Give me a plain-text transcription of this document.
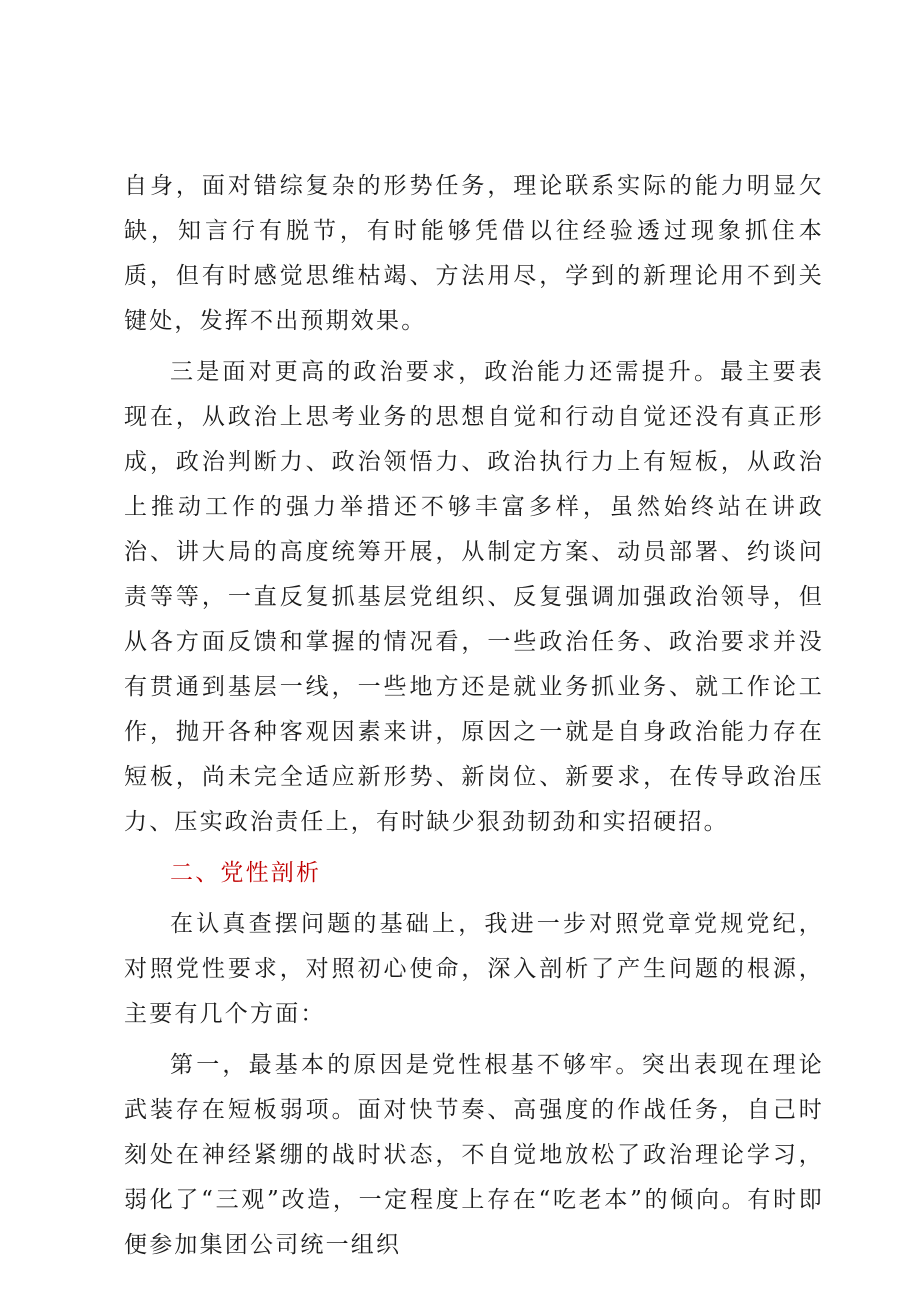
自身，面对错综复杂的形势任务，理论联系实际的能力明显欠缺，知言行有脱节，有时能够凭借以往经验透过现象抓住本质，但有时感觉思维枯竭、方法用尽，学到的新理论用不到关键处，发挥不出预期效果。

三是面对更高的政治要求，政治能力还需提升。最主要表现在，从政治上思考业务的思想自觉和行动自觉还没有真正形成，政治判断力、政治领悟力、政治执行力上有短板，从政治上推动工作的强力举措还不够丰富多样，虽然始终站在讲政治、讲大局的高度统筹开展，从制定方案、动员部署、约谈问责等等，一直反复抓基层党组织、反复强调加强政治领导，但从各方面反馈和掌握的情况看，一些政治任务、政治要求并没有贯通到基层一线，一些地方还是就业务抓业务、就工作论工作，抛开各种客观因素来讲，原因之一就是自身政治能力存在短板，尚未完全适应新形势、新岗位、新要求，在传导政治压力、压实政治责任上，有时缺少狠劲韧劲和实招硬招。

二、党性剖析

在认真查摆问题的基础上，我进一步对照党章党规党纪，对照党性要求，对照初心使命，深入剖析了产生问题的根源，主要有几个方面：

第一，最基本的原因是党性根基不够牢。突出表现在理论武装存在短板弱项。面对快节奏、高强度的作战任务，自己时刻处在神经紧绷的战时状态，不自觉地放松了政治理论学习，弱化了“三观”改造，一定程度上存在“吃老本”的倾向。有时即便参加集团公司统一组织
